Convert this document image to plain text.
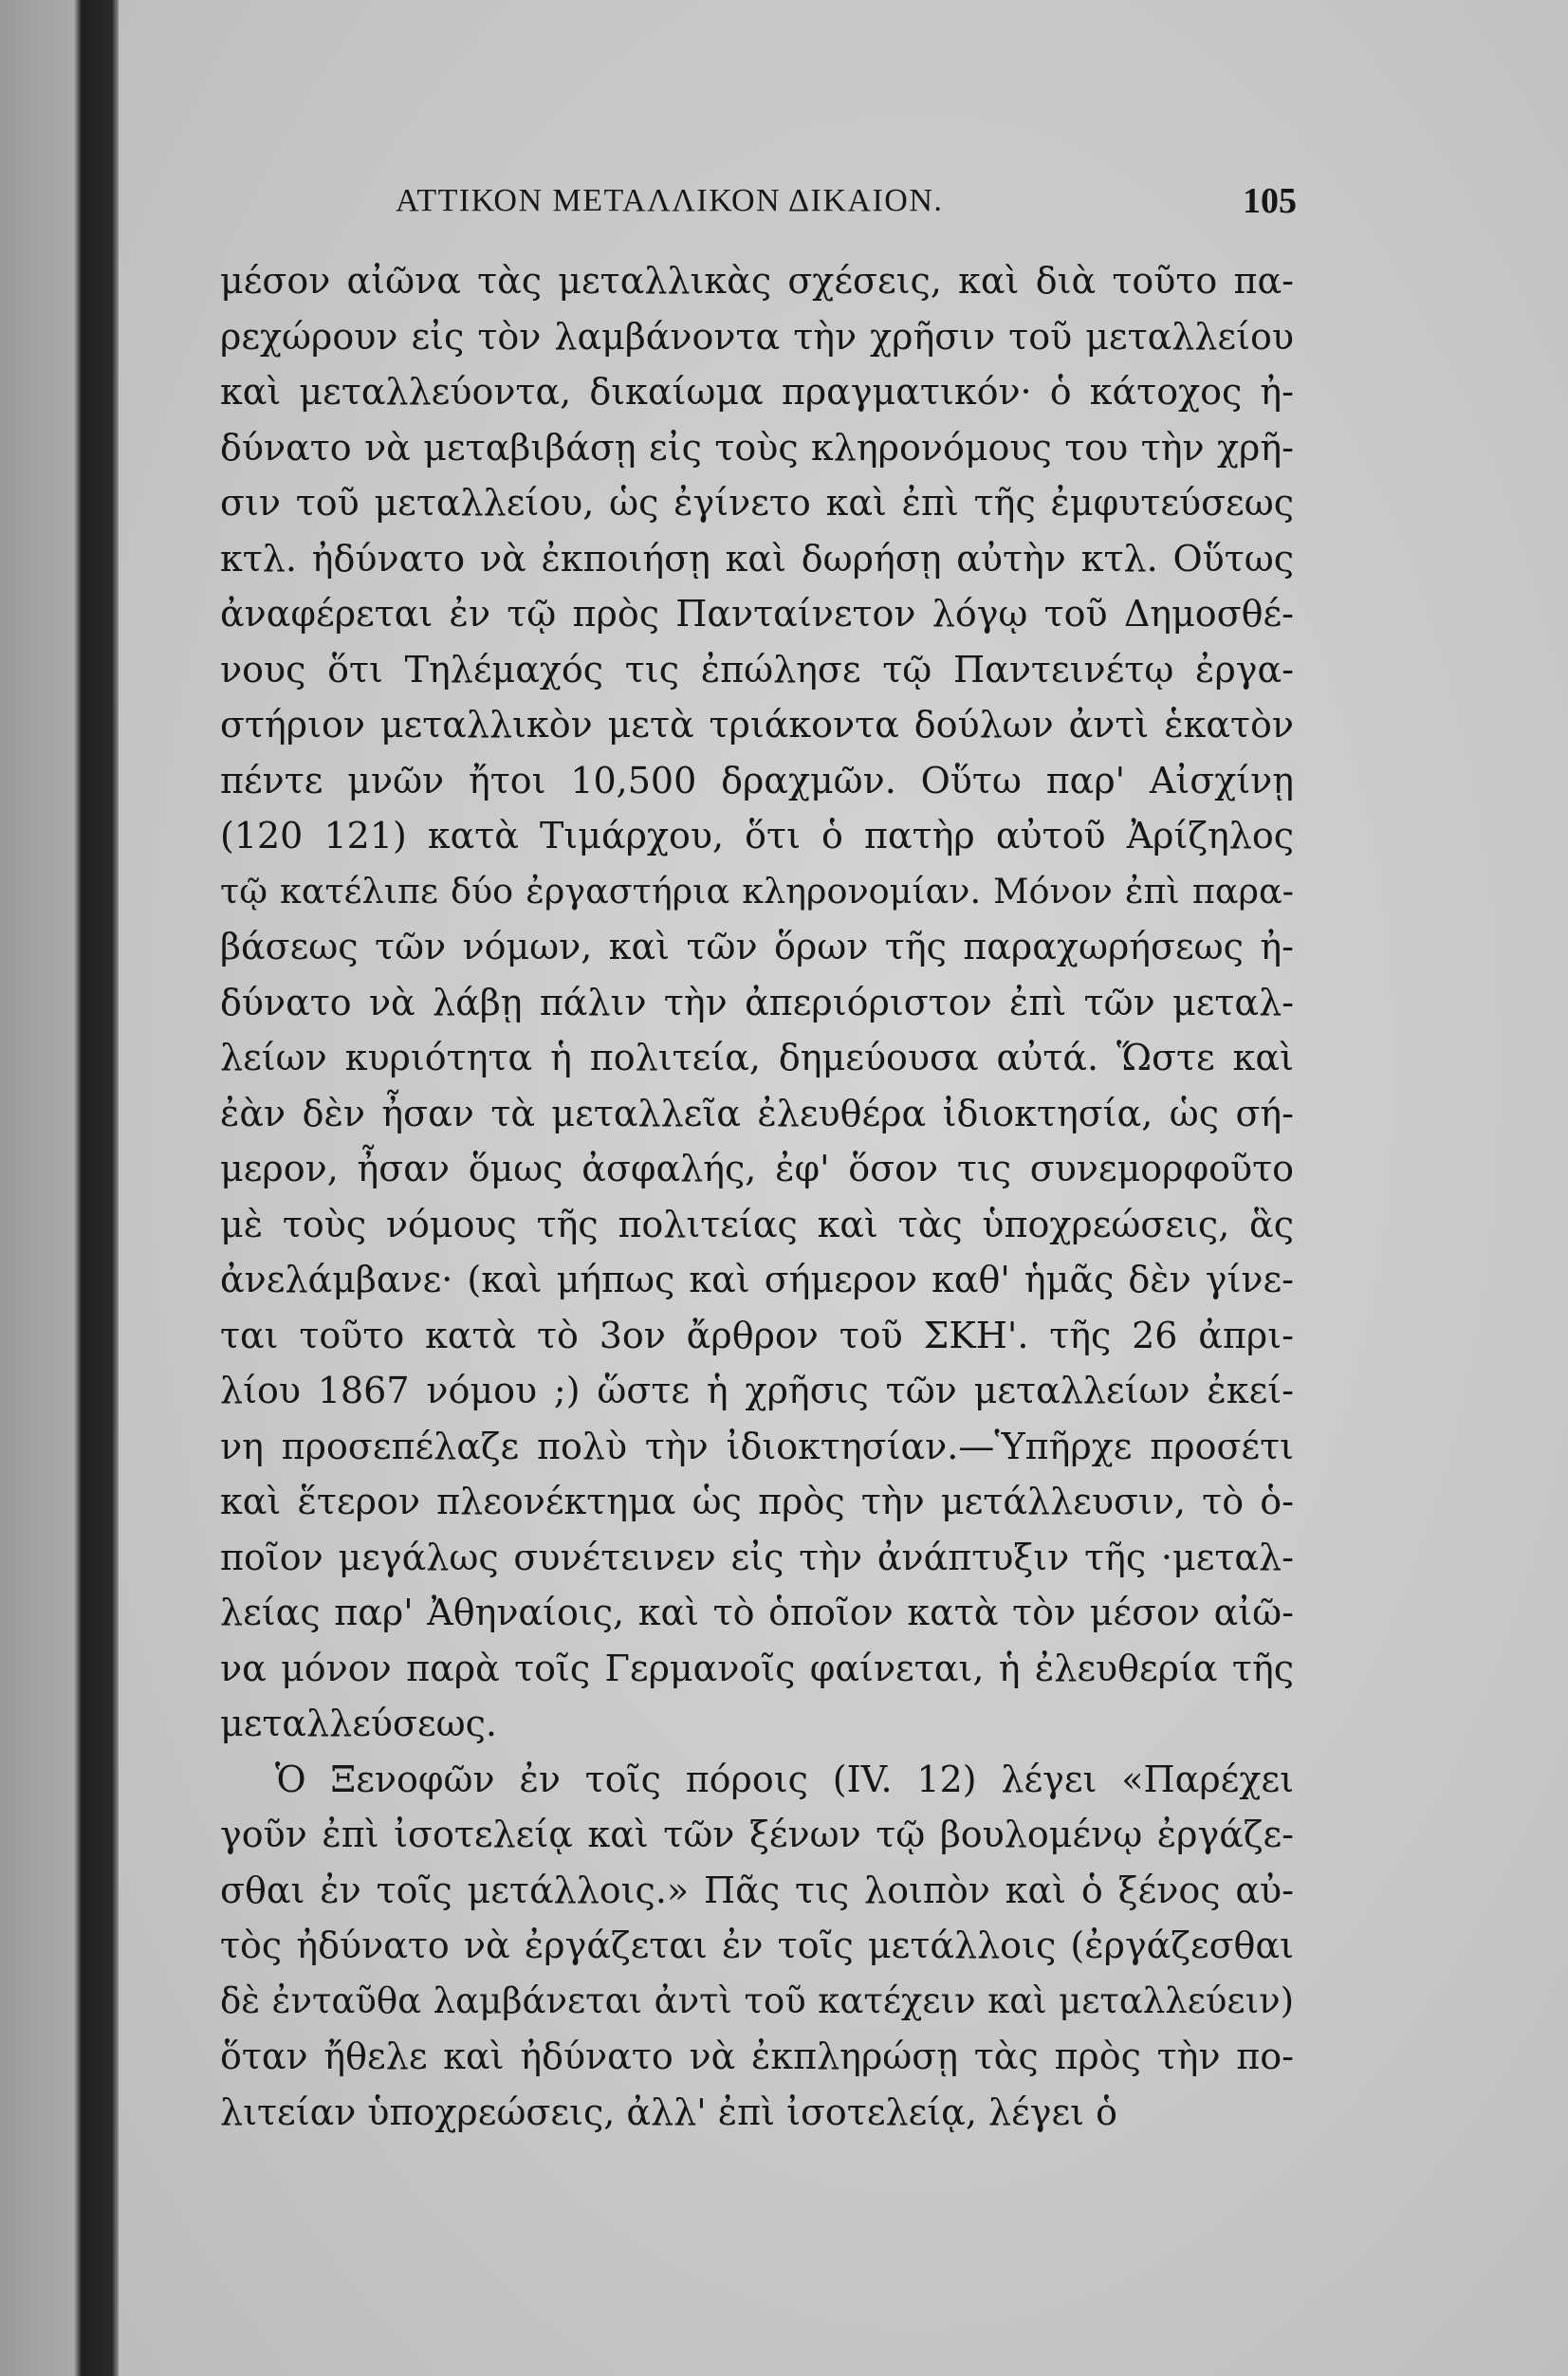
ΑΤΤΙΚΟΝ ΜΕΤΑΛΛΙΚΟΝ ΔΙΚΑΙΟΝ.	105
μέσον αἰῶνα τὰς μεταλλικὰς σχέσεις, καὶ διὰ τοῦτο πα-
ρεχώρουν εἰς τὸν λαμβάνοντα τὴν χρῆσιν τοῦ μεταλλείου
καὶ μεταλλεύοντα, δικαίωμα πραγματικόν· ὁ κάτοχος ἠ-
δύνατο νὰ μεταβιβάσῃ εἰς τοὺς κληρονόμους του τὴν χρῆ-
σιν τοῦ μεταλλείου, ὡς ἐγίνετο καὶ ἐπὶ τῆς ἐμφυτεύσεως
κτλ. ἠδύνατο νὰ ἐκποιήσῃ καὶ δωρήσῃ αὐτὴν κτλ. Οὕτως
ἀναφέρεται ἐν τῷ πρὸς Πανταίνετον λόγῳ τοῦ Δημοσθέ-
νους ὅτι Τηλέμαχός τις ἐπώλησε τῷ Παντεινέτῳ ἐργα-
στήριον μεταλλικὸν μετὰ τριάκοντα δούλων ἀντὶ ἑκατὸν
πέντε μνῶν ἤτοι 10,500 δραχμῶν. Οὕτω παρ' Αἰσχίνῃ
(120 121) κατὰ Τιμάρχου, ὅτι ὁ πατὴρ αὐτοῦ Ἀρίζηλος
τῷ κατέλιπε δύο ἐργαστήρια κληρονομίαν. Μόνον ἐπὶ παρα-
βάσεως τῶν νόμων, καὶ τῶν ὅρων τῆς παραχωρήσεως ἠ-
δύνατο νὰ λάβῃ πάλιν τὴν ἀπεριόριστον ἐπὶ τῶν μεταλ-
λείων κυριότητα ἡ πολιτεία, δημεύουσα αὐτά. Ὥστε καὶ
ἐὰν δὲν ἦσαν τὰ μεταλλεῖα ἐλευθέρα ἰδιοκτησία, ὡς σή-
μερον, ἦσαν ὅμως ἀσφαλής, ἐφ' ὅσον τις συνεμορφοῦτο
μὲ τοὺς νόμους τῆς πολιτείας καὶ τὰς ὑποχρεώσεις, ἃς
ἀνελάμβανε· (καὶ μήπως καὶ σήμερον καθ' ἡμᾶς δὲν γίνε-
ται τοῦτο κατὰ τὸ 3ον ἄρθρον τοῦ ΣΚΗ'. τῆς 26 ἀπρι-
λίου 1867 νόμου ;) ὥστε ἡ χρῆσις τῶν μεταλλείων ἐκεί-
νη προσεπέλαζε πολὺ τὴν ἰδιοκτησίαν.—Ὑπῆρχε προσέτι
καὶ ἕτερον πλεονέκτημα ὡς πρὸς τὴν μετάλλευσιν, τὸ ὁ-
ποῖον μεγάλως συνέτεινεν εἰς τὴν ἀνάπτυξιν τῆς ·μεταλ-
λείας παρ' Ἀθηναίοις, καὶ τὸ ὁποῖον κατὰ τὸν μέσον αἰῶ-
να μόνον παρὰ τοῖς Γερμανοῖς φαίνεται, ἡ ἐλευθερία τῆς
μεταλλεύσεως.
Ὁ Ξενοφῶν ἐν τοῖς πόροις (IV. 12) λέγει «Παρέχει
γοῦν ἐπὶ ἰσοτελείᾳ καὶ τῶν ξένων τῷ βουλομένῳ ἐργάζε-
σθαι ἐν τοῖς μετάλλοις.» Πᾶς τις λοιπὸν καὶ ὁ ξένος αὐ-
τὸς ἠδύνατο νὰ ἐργάζεται ἐν τοῖς μετάλλοις (ἐργάζεσθαι
δὲ ἐνταῦθα λαμβάνεται ἀντὶ τοῦ κατέχειν καὶ μεταλλεύειν)
ὅταν ἤθελε καὶ ἠδύνατο νὰ ἐκπληρώσῃ τὰς πρὸς τὴν πο-
λιτείαν ὑποχρεώσεις, ἀλλ' ἐπὶ ἰσοτελείᾳ, λέγει ὁ
